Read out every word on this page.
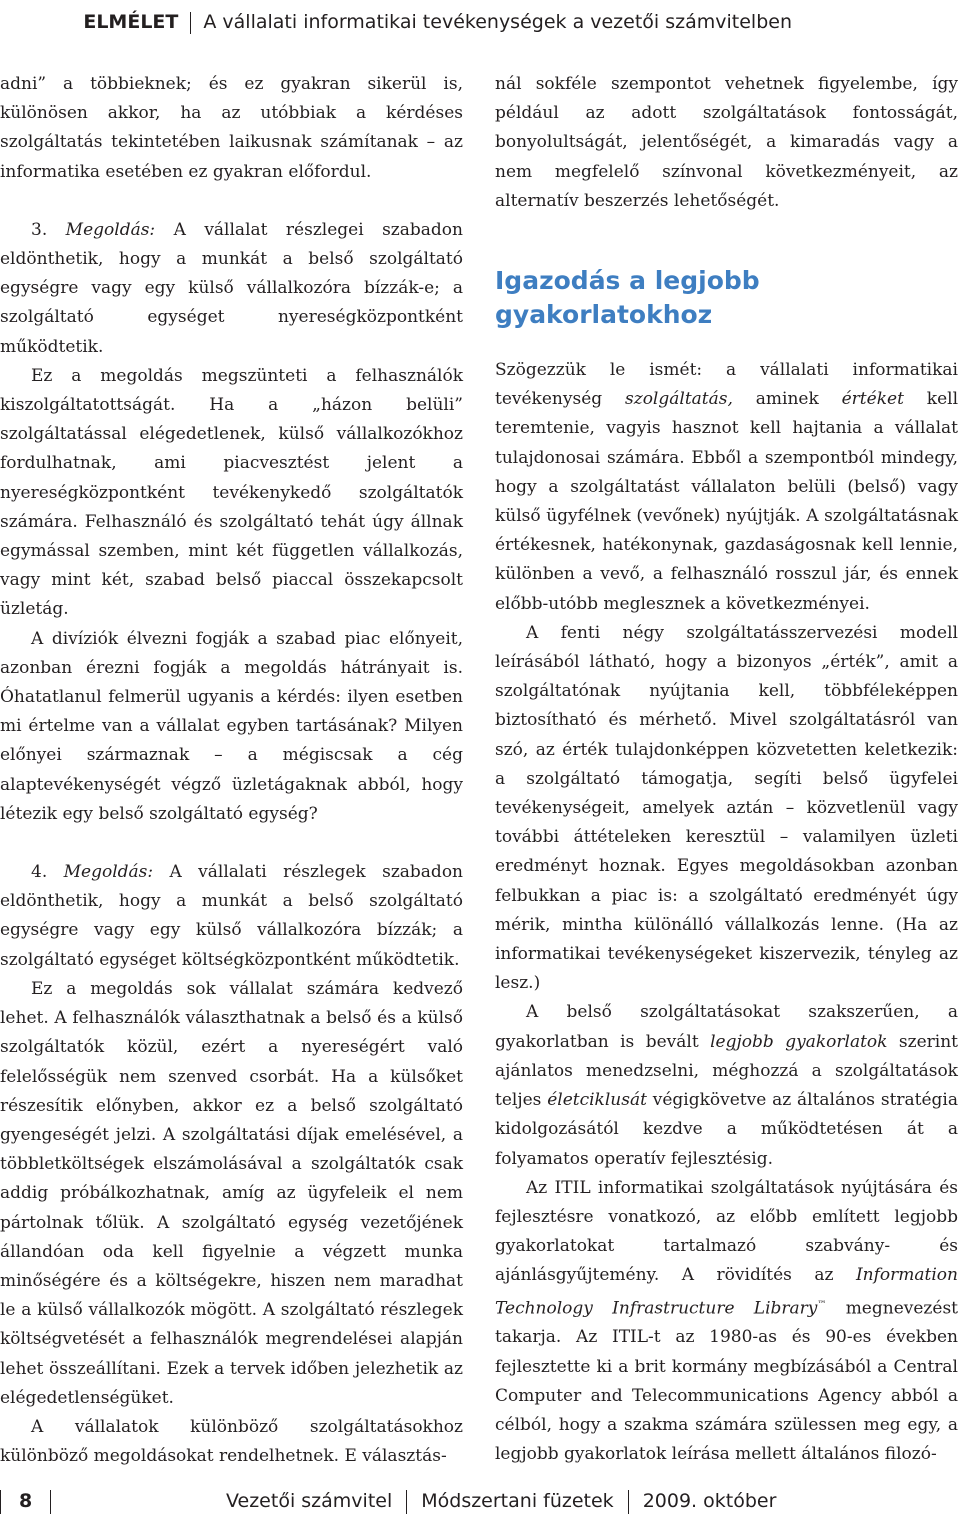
ELMÉLET A vállalati informatikai tevékenységek a vezetői számvitelben

adni” a többieknek; és ez gyakran sikerül is, különösen akkor, ha az utóbbiak a kérdéses szolgáltatás tekintetében laikusnak számítanak – az informatika esetében ez gyakran előfordul.

3. Megoldás: A vállalat részlegei szabadon eldönthetik, hogy a munkát a belső szolgáltató egységre vagy egy külső vállalkozóra bízzák-e; a szolgáltató egységet nyereségközpontként működtetik.

Ez a megoldás megszünteti a felhasználók kiszolgáltatottságát. Ha a „házon belüli” szolgáltatással elégedetlenek, külső vállalkozókhoz fordulhatnak, ami piacvesztést jelent a nyereségközpontként tevékenykedő szolgáltatók számára. Felhasználó és szolgáltató tehát úgy állnak egymással szemben, mint két független vállalkozás, vagy mint két, szabad belső piaccal összekapcsolt üzletág.

A divíziók élvezni fogják a szabad piac előnyeit, azonban érezni fogják a megoldás hátrányait is. Óhatatlanul felmerül ugyanis a kérdés: ilyen esetben mi értelme van a vállalat egyben tartásának? Milyen előnyei származnak – a mégiscsak a cég alaptevékenységét végző üzletágaknak abból, hogy létezik egy belső szolgáltató egység?

4. Megoldás: A vállalati részlegek szabadon eldönthetik, hogy a munkát a belső szolgáltató egységre vagy egy külső vállalkozóra bízzák; a szolgáltató egységet költségközpontként működtetik.

Ez a megoldás sok vállalat számára kedvező lehet. A felhasználók választhatnak a belső és a külső szolgáltatók közül, ezért a nyereségért való felelősségük nem szenved csorbát. Ha a külsőket részesítik előnyben, akkor ez a belső szolgáltató gyengeségét jelzi. A szolgáltatási díjak emelésével, a többletköltségek elszámolásával a szolgáltatók csak addig próbálkozhatnak, amíg az ügyfeleik el nem pártolnak tőlük. A szolgáltató egység vezetőjének állandóan oda kell figyelnie a végzett munka minőségére és a költségekre, hiszen nem maradhat le a külső vállalkozók mögött. A szolgáltató részlegek költségvetését a felhasználók megrendelései alapján lehet összeállítani. Ezek a tervek időben jelezhetik az elégedetlenségüket.

A vállalatok különböző szolgáltatásokhoz különböző megoldásokat rendelhetnek. E választás-

nál sokféle szempontot vehetnek figyelembe, így például az adott szolgáltatások fontosságát, bonyolultságát, jelentőségét, a kimaradás vagy a nem megfelelő színvonal következményeit, az alternatív beszerzés lehetőségét.

Igazodás a legjobb gyakorlatokhoz

Szögezzük le ismét: a vállalati informatikai tevékenység szolgáltatás, aminek értéket kell teremtenie, vagyis hasznot kell hajtania a vállalat tulajdonosai számára. Ebből a szempontból mindegy, hogy a szolgáltatást vállalaton belüli (belső) vagy külső ügyfélnek (vevőnek) nyújtják. A szolgáltatásnak értékesnek, hatékonynak, gazdaságosnak kell lennie, különben a vevő, a felhasználó rosszul jár, és ennek előbb-utóbb meglesznek a következményei.

A fenti négy szolgáltatásszervezési modell leírásából látható, hogy a bizonyos „érték”, amit a szolgáltatónak nyújtania kell, többféleképpen biztosítható és mérhető. Mivel szolgáltatásról van szó, az érték tulajdonképpen közvetetten keletkezik: a szolgáltató támogatja, segíti belső ügyfelei tevékenységeit, amelyek aztán – közvetlenül vagy további áttételeken keresztül – valamilyen üzleti eredményt hoznak. Egyes megoldásokban azonban felbukkan a piac is: a szolgáltató eredményét úgy mérik, mintha különálló vállalkozás lenne. (Ha az informatikai tevékenységeket kiszervezik, tényleg az lesz.)

A belső szolgáltatásokat szakszerűen, a gyakorlatban is bevált legjobb gyakorlatok szerint ajánlatos menedzselni, méghozzá a szolgáltatások teljes életciklusát végigkövetve az általános stratégia kidolgozásától kezdve a működtetésen át a folyamatos operatív fejlesztésig.

Az ITIL informatikai szolgáltatások nyújtására és fejlesztésre vonatkozó, az előbb említett legjobb gyakorlatokat tartalmazó szabvány- és ajánlásgyűjtemény. A rövidítés az Information Technology Infrastructure Library™ megnevezést takarja. Az ITIL-t az 1980-as és 90-es években fejlesztette ki a brit kormány megbízásából a Central Computer and Telecommunications Agency abból a célból, hogy a szakma számára szülessen meg egy, a legjobb gyakorlatok leírása mellett általános filozó-

8	Vezetői számvitel Módszertani füzetek 2009. október
